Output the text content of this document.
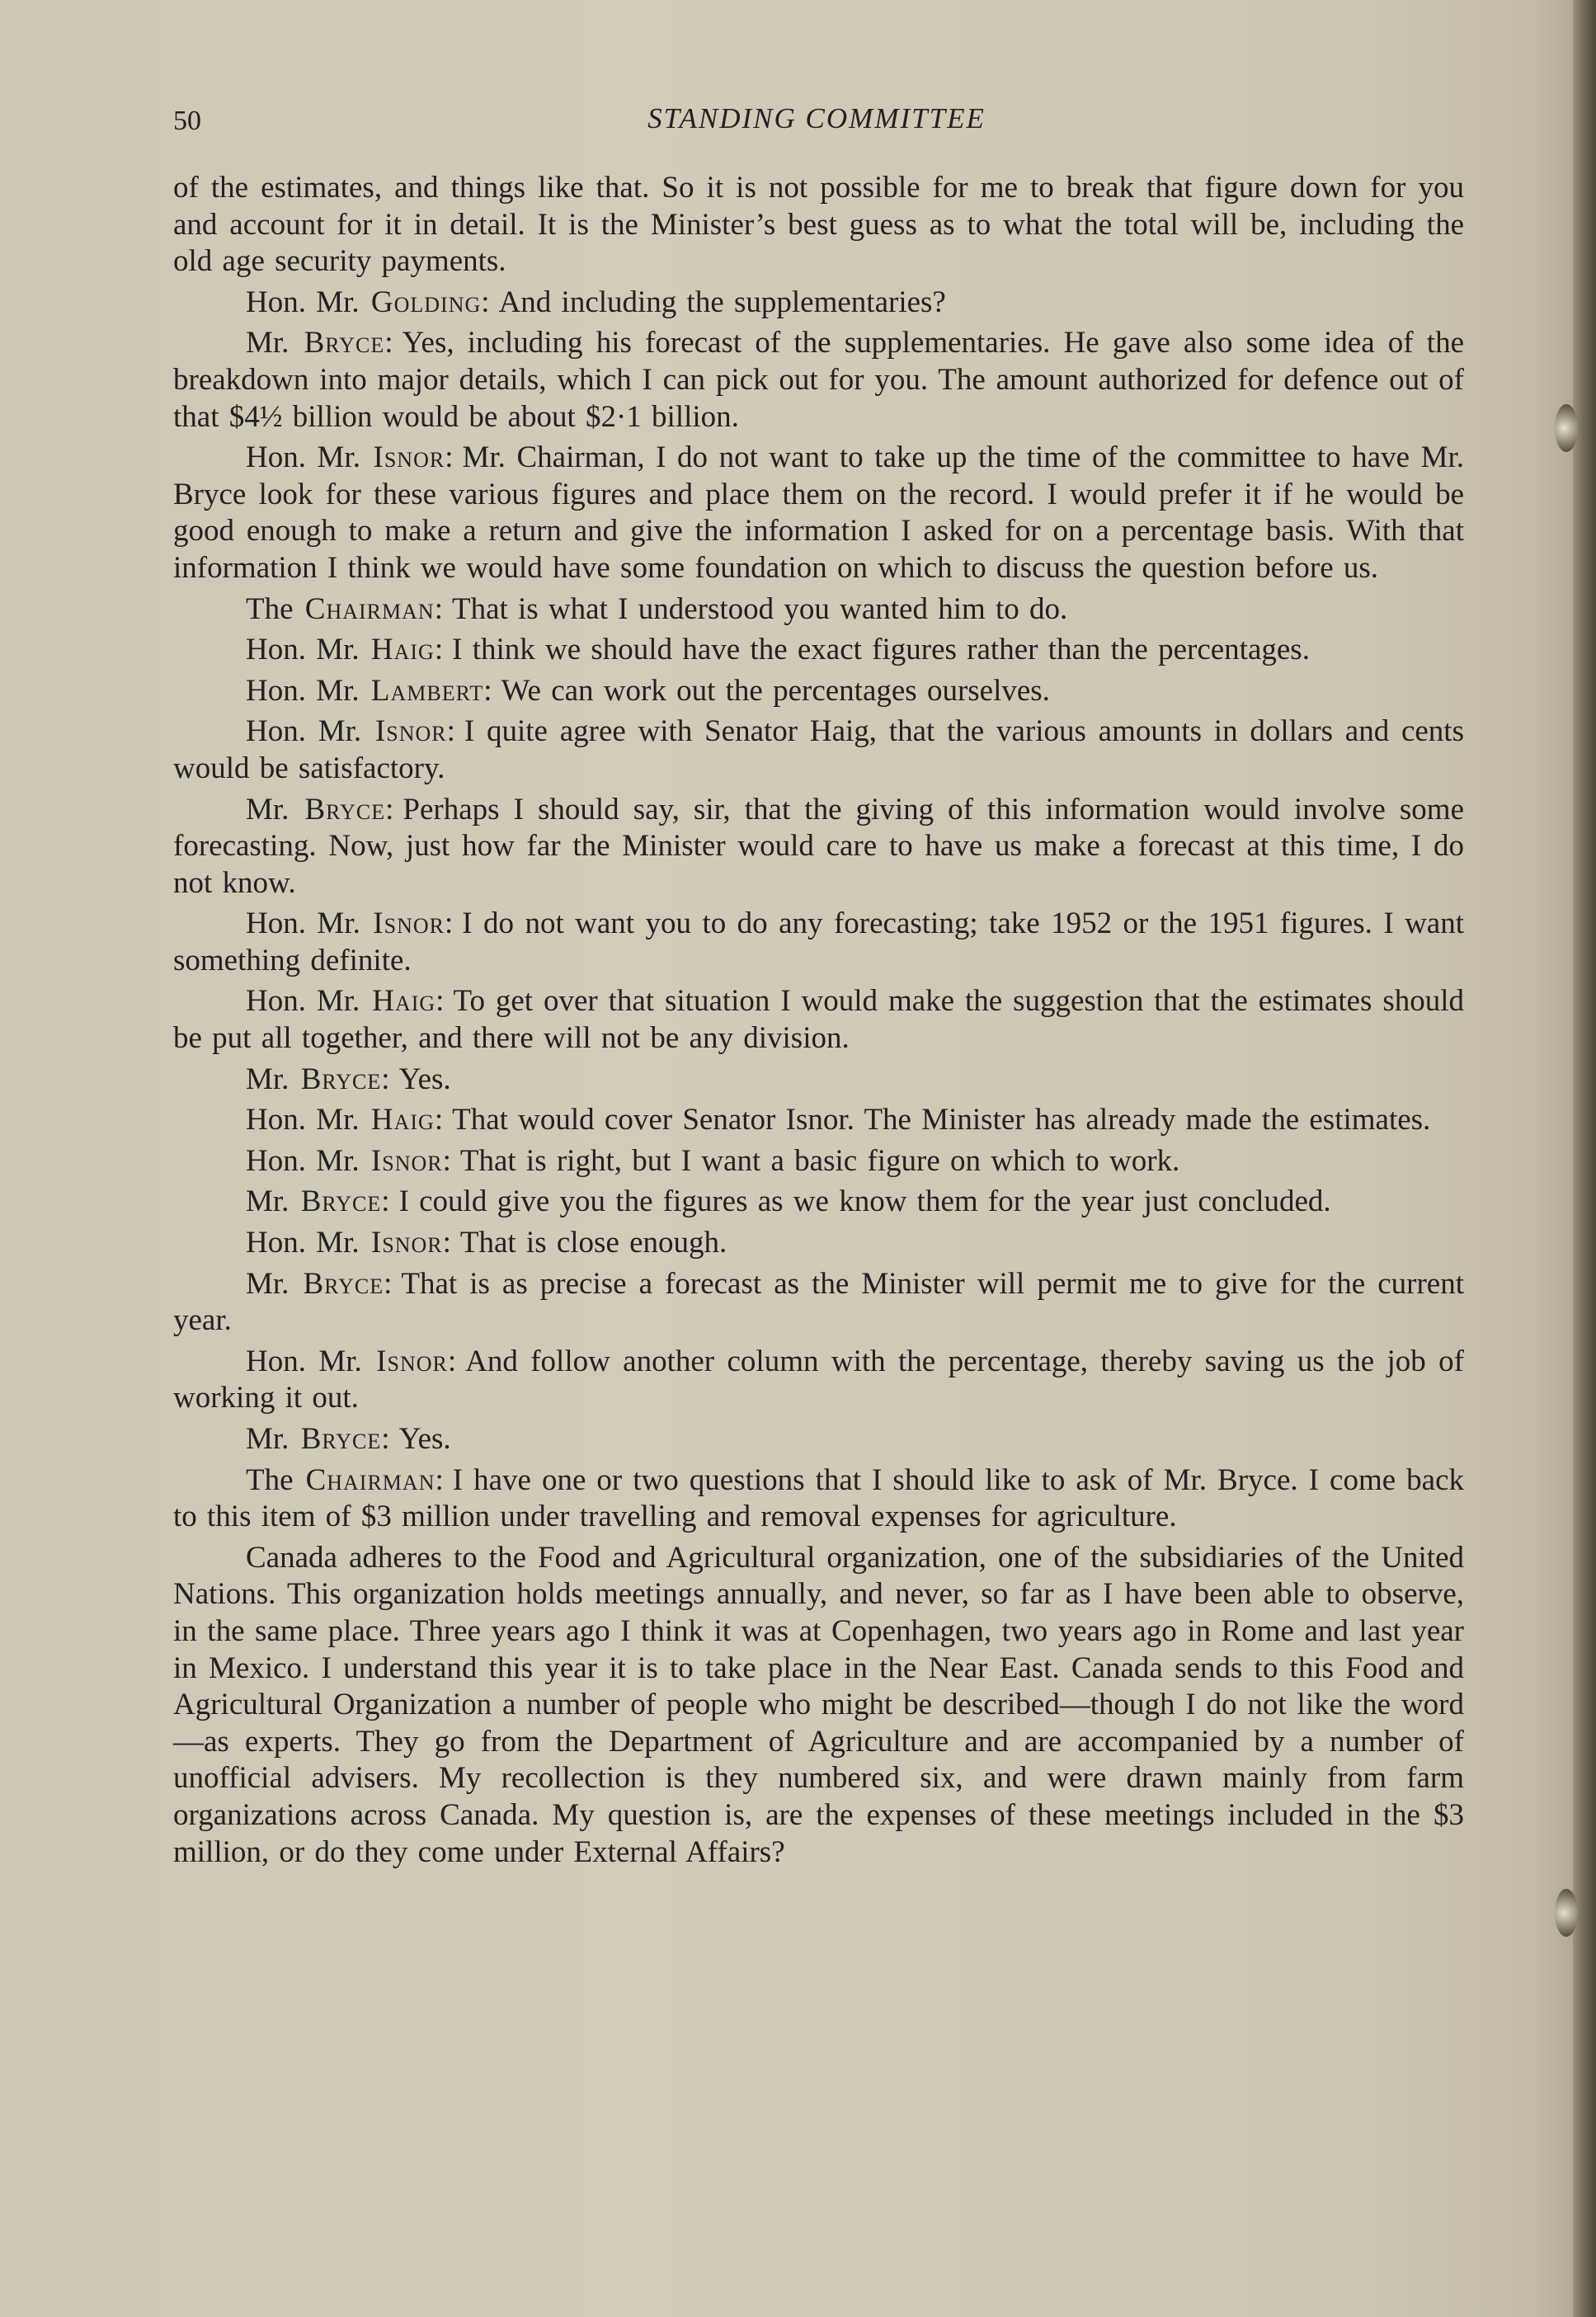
50	STANDING COMMITTEE

of the estimates, and things like that. So it is not possible for me to break that figure down for you and account for it in detail. It is the Minister’s best guess as to what the total will be, including the old age security payments.

Hon. Mr. Golding : And including the supplementaries?

Mr. Bryce : Yes, including his forecast of the supplementaries. He gave also some idea of the breakdown into major details, which I can pick out for you. The amount authorized for defence out of that $4½ billion would be about $2·1 billion.

Hon. Mr. Isnor : Mr. Chairman, I do not want to take up the time of the committee to have Mr. Bryce look for these various figures and place them on the record. I would prefer it if he would be good enough to make a return and give the information I asked for on a percentage basis. With that information I think we would have some foundation on which to discuss the question before us.

The Chairman : That is what I understood you wanted him to do.

Hon. Mr. Haig : I think we should have the exact figures rather than the percentages.

Hon. Mr. Lambert : We can work out the percentages ourselves.

Hon. Mr. Isnor : I quite agree with Senator Haig, that the various amounts in dollars and cents would be satisfactory.

Mr. Bryce : Perhaps I should say, sir, that the giving of this information would involve some forecasting. Now, just how far the Minister would care to have us make a forecast at this time, I do not know.

Hon. Mr. Isnor : I do not want you to do any forecasting; take 1952 or the 1951 figures. I want something definite.

Hon. Mr. Haig : To get over that situation I would make the suggestion that the estimates should be put all together, and there will not be any division.

Mr. Bryce : Yes.

Hon. Mr. Haig : That would cover Senator Isnor. The Minister has already made the estimates.

Hon. Mr. Isnor : That is right, but I want a basic figure on which to work.

Mr. Bryce : I could give you the figures as we know them for the year just concluded.

Hon. Mr. Isnor : That is close enough.

Mr. Bryce : That is as precise a forecast as the Minister will permit me to give for the current year.

Hon. Mr. Isnor : And follow another column with the percentage, thereby saving us the job of working it out.

Mr. Bryce : Yes.

The Chairman : I have one or two questions that I should like to ask of Mr. Bryce. I come back to this item of $3 million under travelling and removal expenses for agriculture.

Canada adheres to the Food and Agricultural organization, one of the subsidiaries of the United Nations. This organization holds meetings annually, and never, so far as I have been able to observe, in the same place. Three years ago I think it was at Copenhagen, two years ago in Rome and last year in Mexico. I understand this year it is to take place in the Near East. Canada sends to this Food and Agricultural Organization a number of people who might be described—though I do not like the word—as experts. They go from the Department of Agriculture and are accompanied by a number of unofficial advisers. My recollection is they numbered six, and were drawn mainly from farm organizations across Canada. My question is, are the expenses of these meetings included in the $3 million, or do they come under External Affairs?
